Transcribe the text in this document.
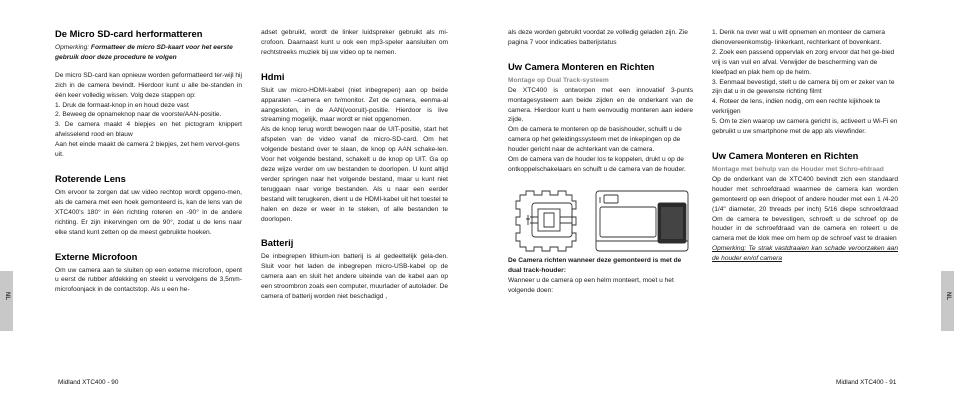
NL	NL
De Micro SD-card herformatteren

Opmerking: Formatteer de micro SD-kaart voor het eerste gebruik door deze procedure te volgen

De micro SD-card kan opnieuw worden geformatteerd ter-wijl hij zich in de camera bevindt. Hierdoor kunt u alle be-standen in één keer volledig wissen. Volg deze stappen op:

1. Druk de formaat-knop in en houd deze vast

2. Beweeg de opnameknop naar de voorste/AAN-positie.

3. De camera maakt 4 biepjes en het pictogram knippert afwisselend rood en blauw

Aan het einde maakt de camera 2 biepjes, zet hem vervol-gens uit.

Roterende Lens

Om ervoor te zorgen dat uw video rechtop wordt opgeno-men, als de camera met een hoek gemonteerd is, kan de lens van de XTC400's 180° in één richting roteren en -90° in de andere richting. Er zijn inkervingen om de 90°, zodat u de lens naar elke stand kunt zetten op de meest gebruikte hoeken.

Externe Microfoon

Om uw camera aan te sluiten op een externe microfoon, opent u eerst de rubber afdekking en steekt u vervolgens de 3,5mm-microfoonjack in de contactstop. Als u een he-

adset gebruikt, wordt de linker luidspreker gebruikt als mi-crofoon. Daarnaast kunt u ook een mp3-speler aansluiten om rechtstreeks muziek bij uw video op te nemen.

Hdmi

Sluit uw micro-HDMI-kabel (niet inbegrepen) aan op beide apparaten –camera en tv/monitor. Zet de camera, eenma-al aangesloten, in de AAN(vooruit)-positie. Hierdoor is live streaming mogelijk, maar wordt er niet opgenomen.

Als de knop terug wordt bewogen naar de UIT-positie, start het afspelen van de video vanaf de micro-SD-card. Om het volgende bestand over te slaan, de knop op AAN schake-len. Voor het volgende bestand, schakelt u de knop op UIT. Ga op deze wijze verder om uw bestanden te doorlopen. U kunt altijd verder springen naar het volgende bestand, maar u kunt niet teruggaan naar vorige bestanden. Als u naar een eerder bestand wilt terugkeren, dient u de HDMI-kabel uit het toestel te halen en deze er weer in te steken, of alle bestanden te doorlopen.

Batterij

De inbegrepen lithium-ion batterij is al gedeeltelijk gela-den. Sluit voor het laden de inbegrepen micro-USB-kabel op de camera aan en sluit het andere uiteinde van de kabel aan op een stroombron zoals een computer, muurlader of autolader. De camera of batterij worden niet beschadigd ,

als deze worden gebruikt voordat ze volledig geladen zijn. Zie pagina 7 voor indicaties batterijstatus

Uw Camera Monteren en Richten

Montage op Dual Track-systeem

De XTC400 is ontworpen met een innovatief 3-punts montagesysteem aan beide zijden en de onderkant van de camera. Hierdoor kunt u hem eenvoudig monteren aan iedere zijde.

Om de camera te monteren op de basishouder, schuift u de camera op het geleidingssysteem met de inkepingen op de houder gericht naar de achterkant van de camera.

Om de camera van de houder los te koppelen, drukt u op de ontkoppelschakelaars en schuift u de camera van de houder.

De Camera richten wanneer deze gemonteerd is met de dual track-houder:

Wanneer u de camera op een helm monteert, moet u het volgende doen:

1. Denk na over wat u wilt opnemen en monteer de camera dienovereenkomstig- linkerkant, rechterkant of bovenkant.

2. Zoek een passend oppervlak en zorg ervoor dat het ge-bied vrij is van vuil en afval. Verwijder de bescherming van de kleefpad en plak hem op de helm.

3. Eenmaal bevestigd, stelt u de camera bij om er zeker van te zijn dat u in de gewenste richting filmt

4. Roteer de lens, indien nodig, om een rechte kijkhoek te verkrijgen

5. Om te zien waarop uw camera gericht is, activeert u Wi-Fi en gebruikt u uw smartphone met de app als viewfinder.

Uw Camera Monteren en Richten

Montage met behulp van de Houder met Schro-efdraad

Op de onderkant van de XTC400 bevindt zich een standaard houder met schroefdraad waarmee de camera kan worden gemonteerd op een driepoot of andere houder met een 1 /4-20 (1/4" diameter, 20 threads per inch) 5/16 diepe schroefdraad Om de camera te bevestigen, schroeft u de schroef op de houder in de schroefdraad van de camera en roteert u de camera met de klok mee om hem op de schroef vast te draaien

Opmerking: Te strak vastdraaien kan schade veroorzaken aan de houder en/of camera

Midland XTC400 - 90	Midland XTC400 - 91
